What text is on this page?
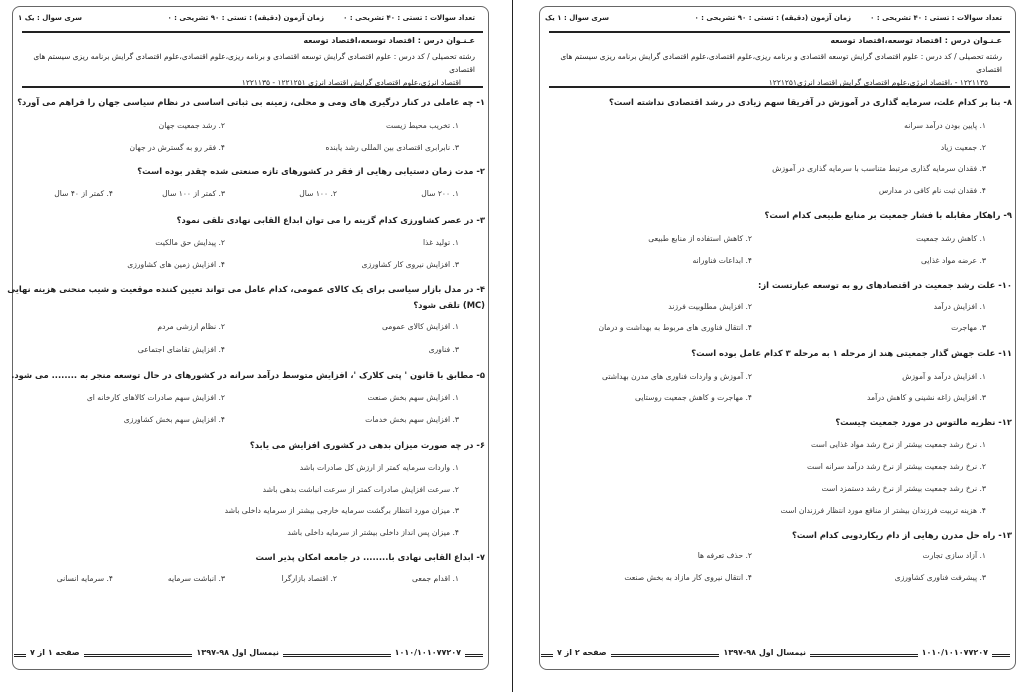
تعداد سوالات : تستی : ۴۰ تشریحی : ۰
زمان آزمون (دقیقه) : تستی : ۹۰ تشریحی : ۰
سری سوال : یک ۱
عـنـوان درس : اقتصاد توسعه،اقتصاد توسعه
رشته تحصیلی / کد درس : علوم اقتصادی گرایش توسعه اقتصادی و برنامه ریزی،علوم اقتصادی،علوم اقتصادی گرایش برنامه ریزی سیستم های اقتصادی
اقتصاد انرژی،علوم اقتصادی گرایش اقتصاد انرژی ۱۲۲۱۲۵۱ - ۱۲۲۱۱۳۵
۱- چه عاملی در کنار درگیری های ومی و محلی، زمینه بی ثباتی اساسی در نظام سیاسی جهان را فراهم می آورد؟
۱. تخریب محیط زیست
۲. رشد جمعیت جهان
۳. نابرابری اقتصادی بین المللی رشد یابنده
۴. فقر رو به گسترش در جهان
۲- مدت زمان دستیابی رهایی از فقر در کشورهای تازه صنعتی شده چقدر بوده است؟
۱. ۲۰۰ سال
۲. ۱۰۰ سال
۳. کمتر از ۱۰۰ سال
۴. کمتر از ۴۰ سال
۳- در عصر کشاورزی کدام گزینه را می توان ابداع القابی نهادی تلقی نمود؟
۱. تولید غذا
۲. پیدایش حق مالکیت
۳. افزایش نیروی کار کشاورزی
۴. افزایش زمین های کشاورزی
۴- در مدل بازار سیاسی برای یک کالای عمومی، کدام عامل می تواند تعیین کننده موقعیت و شیب منحنی هزینه نهایی
(MC) تلقی شود؟
۱. افزایش کالای عمومی
۲. نظام ارزشی مردم
۳. فناوری
۴. افزایش تقاضای اجتماعی
۵- مطابق با قانون ' پتی کلارک '، افزایش متوسط درآمد سرانه در کشورهای در حال توسعه منجر به ........ می شود.
۱. افزایش سهم بخش صنعت
۲. افزایش سهم صادرات کالاهای کارخانه ای
۳. افزایش سهم بخش خدمات
۴. افزایش سهم بخش کشاورزی
۶- در چه صورت میزان بدهی در کشوری افزایش می یابد؟
۱. واردات سرمایه کمتر از ارزش کل صادرات باشد
۲. سرعت افزایش صادرات کمتر از سرعت انباشت بدهی باشد
۳. میزان مورد انتظار برگشت سرمایه خارجی بیشتر از سرمایه داخلی باشد
۴. میزان پس انداز داخلی بیشتر از سرمایه داخلی باشد
۷- ابداع القابی نهادی با........ در جامعه امکان پذیر است
۱. اقدام جمعی
۲. اقتصاد بازارگرا
۳. انباشت سرمایه
۴. سرمایه انسانی
۱۰۱۰/۱۰۱۰۷۷۲۰۷
نیمسال اول ۹۸-۱۳۹۷
صفحه ۱ از ۷
تعداد سوالات : تستی : ۴۰ تشریحی : ۰
زمان آزمون (دقیقه) : تستی : ۹۰ تشریحی : ۰
سری سوال : ۱ یک
عـنـوان درس : اقتصاد توسعه،اقتصاد توسعه
رشته تحصیلی / کد درس : علوم اقتصادی گرایش توسعه اقتصادی و برنامه ریزی،علوم اقتصادی،علوم اقتصادی گرایش برنامه ریزی سیستم های اقتصادی
۱۲۲۱۱۳۵ - ،اقتصاد انرژی،علوم اقتصادی گرایش اقتصاد انرژی۱۲۲۱۲۵۱
۸- بنا بر کدام علت، سرمایه گذاری در آموزش در آفریقا سهم زیادی در رشد اقتصادی نداشته است؟
۱. پایین بودن درآمد سرانه
۲. جمعیت زیاد
۳. فقدان سرمایه گذاری مرتبط متناسب با سرمایه گذاری در آموزش
۴. فقدان ثبت نام کافی در مدارس
۹- راهکار مقابله با فشار جمعیت بر منابع طبیعی کدام است؟
۱. کاهش رشد جمعیت
۲. کاهش استفاده از منابع طبیعی
۳. عرضه مواد غذایی
۴. ابداعات فناورانه
۱۰- علت رشد جمعیت در اقتصادهای رو به توسعه عبارتست از:
۱. افزایش درآمد
۲. افزایش مطلوبیت فرزند
۳. مهاجرت
۴. انتقال فناوری های مربوط به بهداشت و درمان
۱۱- علت جهش گذار جمعیتی هند از مرحله ۱ به مرحله ۳ کدام عامل بوده است؟
۱. افزایش درآمد و آموزش
۲. آموزش و واردات فناوری های مدرن بهداشتی
۳. افزایش زاغه نشینی و کاهش درآمد
۴. مهاجرت و کاهش جمعیت روستایی
۱۲- نظریه مالتوس در مورد جمعیت چیست؟
۱. نرخ رشد جمعیت بیشتر از نرخ رشد مواد غذایی است
۲. نرخ رشد جمعیت بیشتر از نرخ رشد درآمد سرانه است
۳. نرخ رشد جمعیت بیشتر از نرخ رشد دستمزد است
۴. هزینه تربیت فرزندان بیشتر از منافع مورد انتظار فرزندان است
۱۳- راه حل مدرن رهایی از دام ریکاردویی کدام است؟
۱. آزاد سازی تجارت
۲. حذف تعرفه ها
۳. پیشرفت فناوری کشاورزی
۴. انتقال نیروی کار مازاد به بخش صنعت
۱۰۱۰/۱۰۱۰۷۷۲۰۷
نیمسال اول ۹۸-۱۳۹۷
صفحه ۲ از ۷
